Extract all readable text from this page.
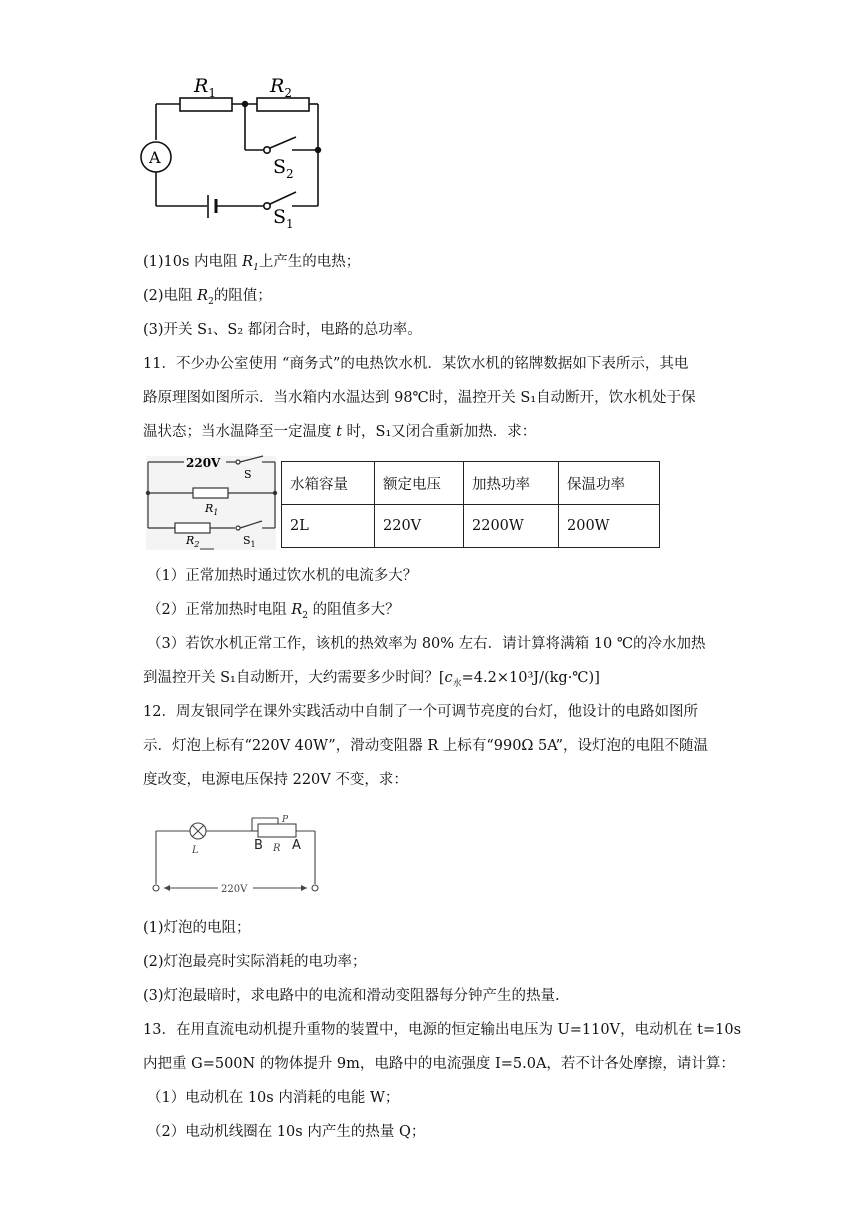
$R_1$	$R_2$
A	$S_2$
$S_1$
220V
S
$R_1$
$R_2$	$S_1$
L
P
B R A
220V
(1)10s 内电阻 $R_1$上产生的电热；
(2)电阻 $R_2$的阻值；
(3)开关 S₁、S₂ 都闭合时，电路的总功率。
11．不少办公室使用 “商务式”的电热饮水机．某饮水机的铭牌数据如下表所示，其电
路原理图如图所示．当水箱内水温达到 98℃时，温控开关 S₁自动断开，饮水机处于保
温状态；当水温降至一定温度 t 时，S₁又闭合重新加热．求：
水箱容量	额定电压	加热功率	保温功率
2L	220V	2200W	200W
（1）正常加热时通过饮水机的电流多大？
（2）正常加热时电阻 $R_2$ 的阻值多大？
（3）若饮水机正常工作，该机的热效率为 80% 左右．请计算将满箱 10 ℃的冷水加热
到温控开关 S₁自动断开，大约需要多少时间？$[c_水=4.2\times 10^3J/(kg\cdot℃)]$
12．周友银同学在课外实践活动中自制了一个可调节亮度的台灯，他设计的电路如图所
示．灯泡上标有“220V 40W”，滑动变阻器 R 上标有“990Ω 5A”，设灯泡的电阻不随温
度改变，电源电压保持 220V 不变，求：
(1)灯泡的电阻；
(2)灯泡最亮时实际消耗的电功率；
(3)灯泡最暗时，求电路中的电流和滑动变阻器每分钟产生的热量.
13．在用直流电动机提升重物的装置中，电源的恒定输出电压为 U=110V，电动机在 t=10s
内把重 G=500N 的物体提升 9m，电路中的电流强度 I=5.0A，若不计各处摩擦，请计算：
（1）电动机在 10s 内消耗的电能 W；
（2）电动机线圈在 10s 内产生的热量 Q；
